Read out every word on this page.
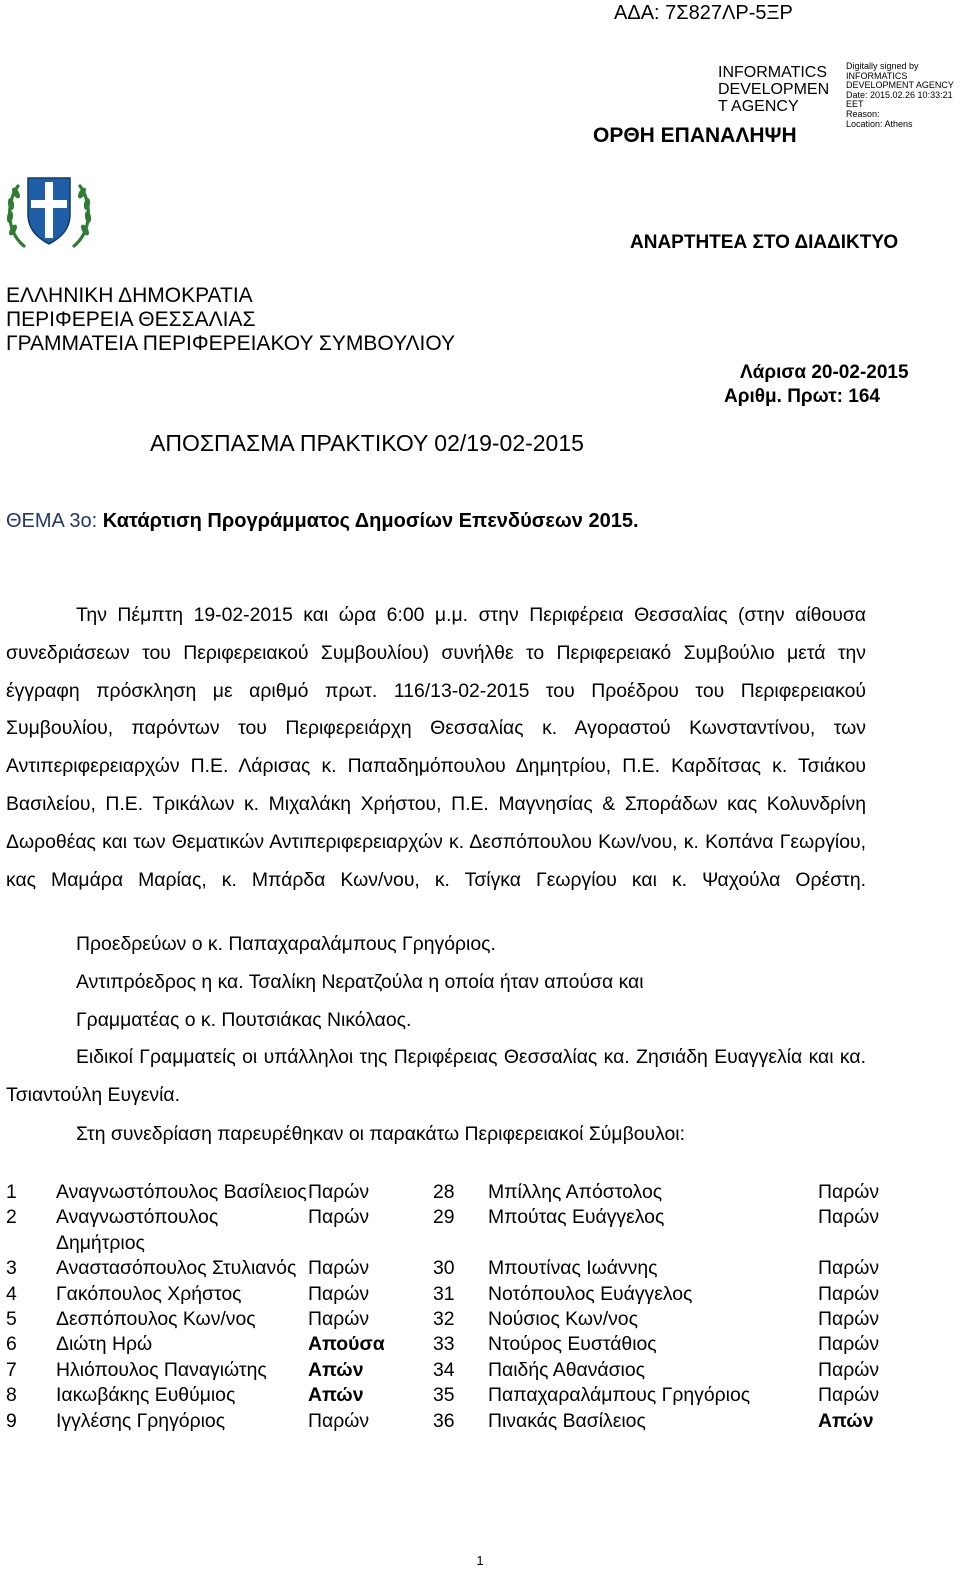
ΑΔΑ: 7Σ827ΛΡ-5ΞΡ
INFORMATICS DEVELOPMEN T AGENCY
Digitally signed by
INFORMATICS
DEVELOPMENT AGENCY
Date: 2015.02.26 10:33:21
EET
Reason:
Location: Athens
ΟΡΘΗ ΕΠΑΝΑΛΗΨΗ
ΑΝΑΡΤΗΤΕΑ ΣΤΟ ΔΙΑΔΙΚΤΥΟ
ΕΛΛΗΝΙΚΗ ΔΗΜΟΚΡΑΤΙΑ
ΠΕΡΙΦΕΡΕΙΑ ΘΕΣΣΑΛΙΑΣ
ΓΡΑΜΜΑΤΕΙΑ ΠΕΡΙΦΕΡΕΙΑΚΟΥ ΣΥΜΒΟΥΛΙΟΥ
Λάρισα 20-02-2015
Αριθμ. Πρωτ: 164
ΑΠΟΣΠΑΣΜΑ ΠΡΑΚΤΙΚΟΥ 02/19-02-2015
ΘΕΜΑ 3ο: Κατάρτιση Προγράμματος Δημοσίων Επενδύσεων 2015.

Την Πέμπτη 19-02-2015 και ώρα 6:00 μ.μ. στην Περιφέρεια Θεσσαλίας (στην αίθουσα συνεδριάσεων του Περιφερειακού Συμβουλίου) συνήλθε το Περιφερειακό Συμβούλιο μετά την έγγραφη πρόσκληση με αριθμό πρωτ. 116/13-02-2015 του Προέδρου του Περιφερειακού Συμβουλίου, παρόντων του Περιφερειάρχη Θεσσαλίας κ. Αγοραστού Κωνσταντίνου, των Αντιπεριφερειαρχών Π.Ε. Λάρισας κ. Παπαδημόπουλου Δημητρίου, Π.Ε. Καρδίτσας κ. Τσιάκου Βασιλείου, Π.Ε. Τρικάλων κ. Μιχαλάκη Χρήστου, Π.Ε. Μαγνησίας & Σποράδων κας Κολυνδρίνη Δωροθέας και των Θεματικών Αντιπεριφερειαρχών κ. Δεσπόπουλου Κων/νου, κ. Κοπάνα Γεωργίου, κας Μαμάρα Μαρίας, κ. Μπάρδα Κων/νου, κ. Τσίγκα Γεωργίου και κ. Ψαχούλα Ορέστη.

Προεδρεύων ο κ. Παπαχαραλάμπους Γρηγόριος.
Αντιπρόεδρος η κα. Τσαλίκη Νερατζούλα η οποία ήταν απούσα και
Γραμματέας ο κ. Πουτσιάκας Νικόλαος.

Ειδικοί Γραμματείς οι υπάλληλοι της Περιφέρειας Θεσσαλίας κα. Ζησιάδη Ευαγγελία και κα. Τσιαντούλη Ευγενία.

Στη συνεδρίαση παρευρέθηκαν οι παρακάτω Περιφερειακοί Σύμβουλοι:
1	Αναγνωστόπουλος Βασίλειος	Παρών	28	Μπίλλης Απόστολος	Παρών
2	Αναγνωστόπουλος Δημήτριος	Παρών	29	Μπούτας Ευάγγελος	Παρών
3	Αναστασόπουλος Στυλιανός	Παρών	30	Μπουτίνας Ιωάννης	Παρών
4	Γακόπουλος Χρήστος	Παρών	31	Νοτόπουλος Ευάγγελος	Παρών
5	Δεσπόπουλος Κων/νος	Παρών	32	Νούσιος Κων/νος	Παρών
6	Διώτη Ηρώ	Απούσα	33	Ντούρος Ευστάθιος	Παρών
7	Ηλιόπουλος Παναγιώτης	Απών	34	Παιδής Αθανάσιος	Παρών
8	Ιακωβάκης Ευθύμιος	Απών	35	Παπαχαραλάμπους Γρηγόριος	Παρών
9	Ιγγλέσης Γρηγόριος	Παρών	36	Πινακάς Βασίλειος	Απών
1
